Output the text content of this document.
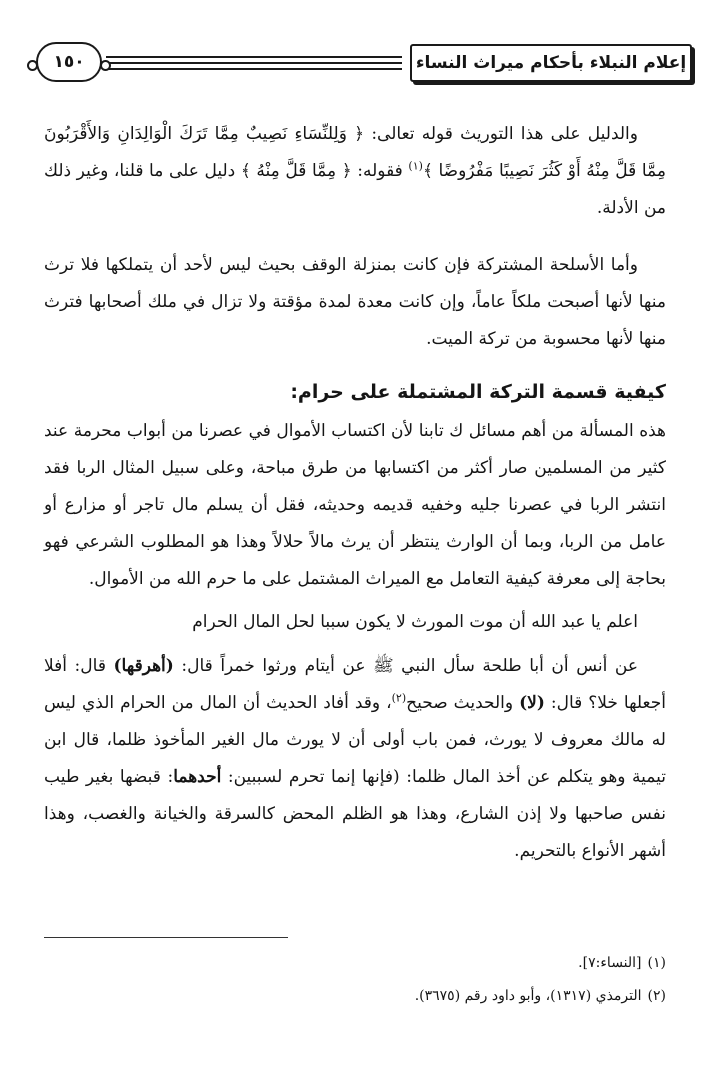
إعلام النبلاء بأحكام ميراث النساء
١٥٠

والدليل على هذا التوريث قوله تعالى: ﴿ وَلِلنِّسَاءِ نَصِيبٌ مِمَّا تَرَكَ الْوَالِدَانِ وَالأَقْرَبُونَ مِمَّا قَلَّ مِنْهُ أَوْ كَثُرَ نَصِيبًا مَفْرُوضًا ﴾$^{(١)}$ فقوله: ﴿ مِمَّا قَلَّ مِنْهُ ﴾ دليل على ما قلنا، وغير ذلك من الأدلة.

وأما الأسلحة المشتركة فإن كانت بمنزلة الوقف بحيث ليس لأحد أن يتملكها فلا ترث منها لأنها أصبحت ملكاً عاماً، وإن كانت معدة لمدة مؤقتة ولا تزال في ملك أصحابها فترث منها لأنها محسوبة من تركة الميت.

كيفية قسمة التركة المشتملة على حرام:

هذه المسألة من أهم مسائل ك تابنا لأن اكتساب الأموال في عصرنا من أبواب محرمة عند كثير من المسلمين صار أكثر من اكتسابها من طرق مباحة، وعلى سبيل المثال الربا فقد انتشر الربا في عصرنا جليه وخفيه قديمه وحديثه، فقل أن يسلم مال تاجر أو مزارع أو عامل من الربا، وبما أن الوارث ينتظر أن يرث مالاً حلالاً وهذا هو المطلوب الشرعي فهو بحاجة إلى معرفة كيفية التعامل مع الميراث المشتمل على ما حرم الله من الأموال.

اعلم يا عبد الله أن موت المورث لا يكون سببا لحل المال الحرام

عن أنس أن أبا طلحة سأل النبي ﷺ عن أيتام ورثوا خمراً قال: (أهرقها) قال: أفلا أجعلها خلا؟ قال: (لا) والحديث صحيح$^{(٢)}$، وقد أفاد الحديث أن المال من الحرام الذي ليس له مالك معروف لا يورث، فمن باب أولى أن لا يورث مال الغير المأخوذ ظلما، قال ابن تيمية وهو يتكلم عن أخذ المال ظلما: (فإنها إنما تحرم لسببين: أحدهما: قبضها بغير طيب نفس صاحبها ولا إذن الشارع، وهذا هو الظلم المحض كالسرقة والخيانة والغصب، وهذا أشهر الأنواع بالتحريم.

(١)[النساء:٧].

(٢)الترمذي (١٣١٧)، وأبو داود رقم (٣٦٧٥).
